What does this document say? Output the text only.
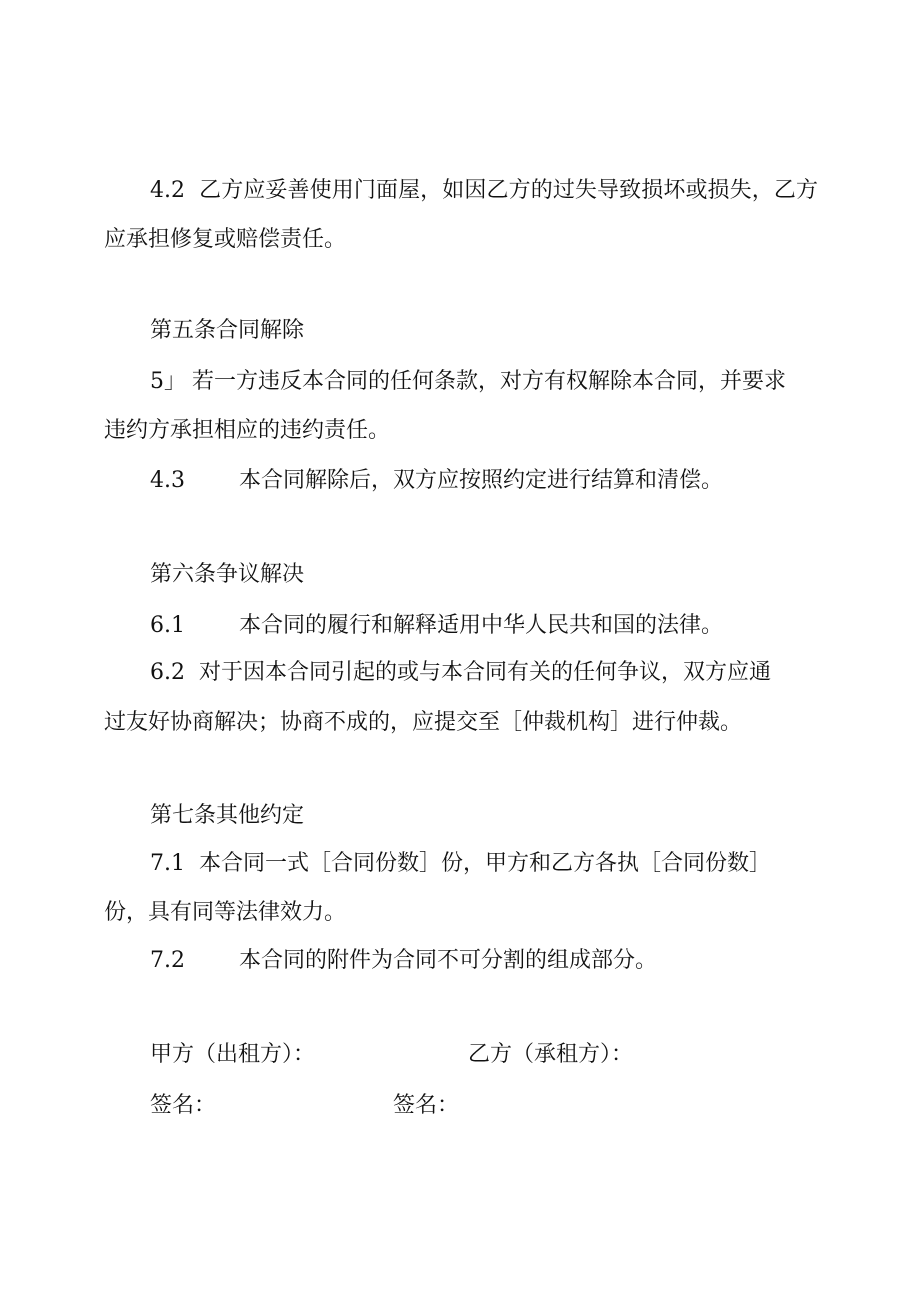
4.2 乙方应妥善使用门面屋，如因乙方的过失导致损坏或损失，乙方
应承担修复或赔偿责任。
第五条合同解除
5」 若一方违反本合同的任何条款，对方有权解除本合同，并要求
违约方承担相应的违约责任。
4.3 本合同解除后，双方应按照约定进行结算和清偿。
第六条争议解决
6.1 本合同的履行和解释适用中华人民共和国的法律。
6.2 对于因本合同引起的或与本合同有关的任何争议，双方应通
过友好协商解决；协商不成的，应提交至［仲裁机构］进行仲裁。
第七条其他约定
7.1 本合同一式［合同份数］份，甲方和乙方各执［合同份数］
份，具有同等法律效力。
7.2 本合同的附件为合同不可分割的组成部分。
甲方（出租方）：	乙方（承租方）：
签名：	签名：
